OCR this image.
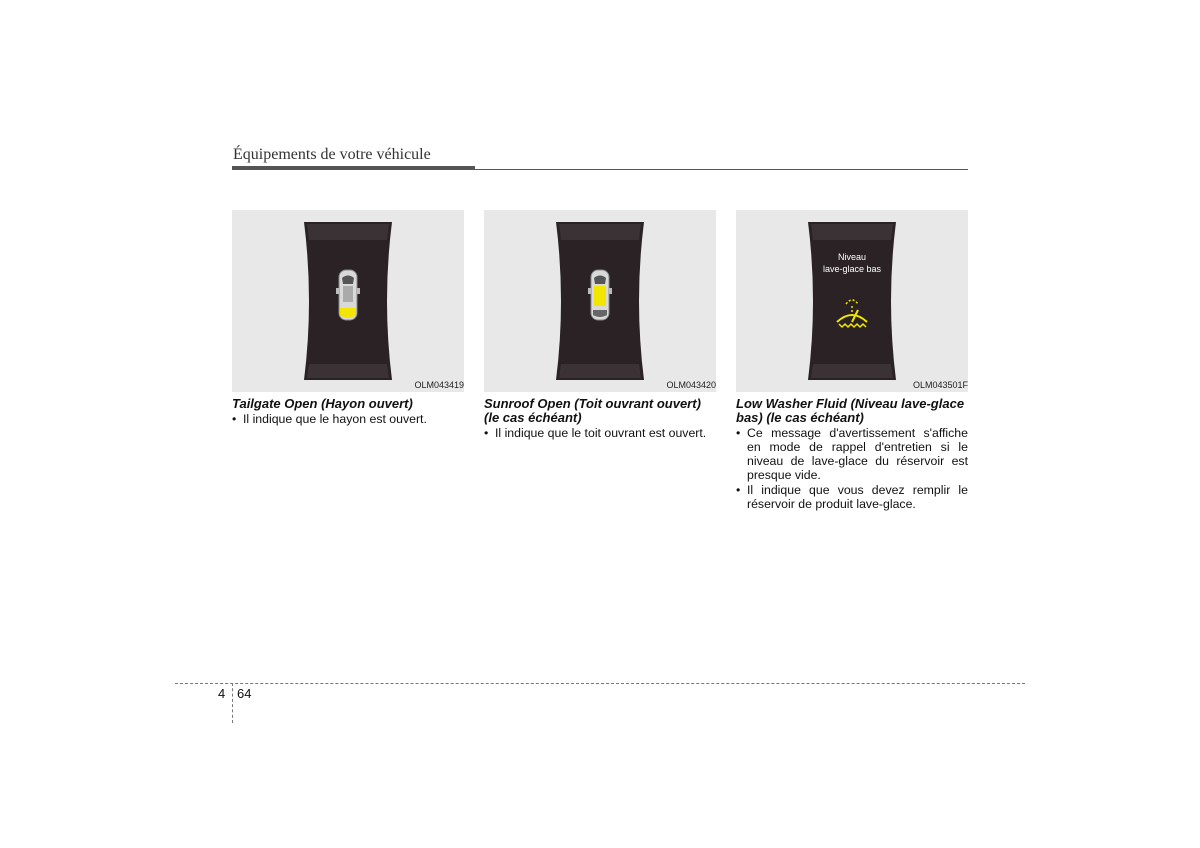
Équipements de votre véhicule
OLM043419
Tailgate Open (Hayon ouvert)
• Il indique que le hayon est ouvert.
OLM043420
Sunroof Open (Toit ouvrant ouvert) (le cas échéant)
• Il indique que le toit ouvrant est ouvert.
Niveau
lave-glace bas
OLM043501F
Low Washer Fluid (Niveau lave-glace bas) (le cas échéant)
• Ce message d'avertissement s'affiche en mode de rappel d'entretien si le niveau de lave-glace du réservoir est presque vide.
• Il indique que vous devez remplir le réservoir de produit lave-glace.
4 64
